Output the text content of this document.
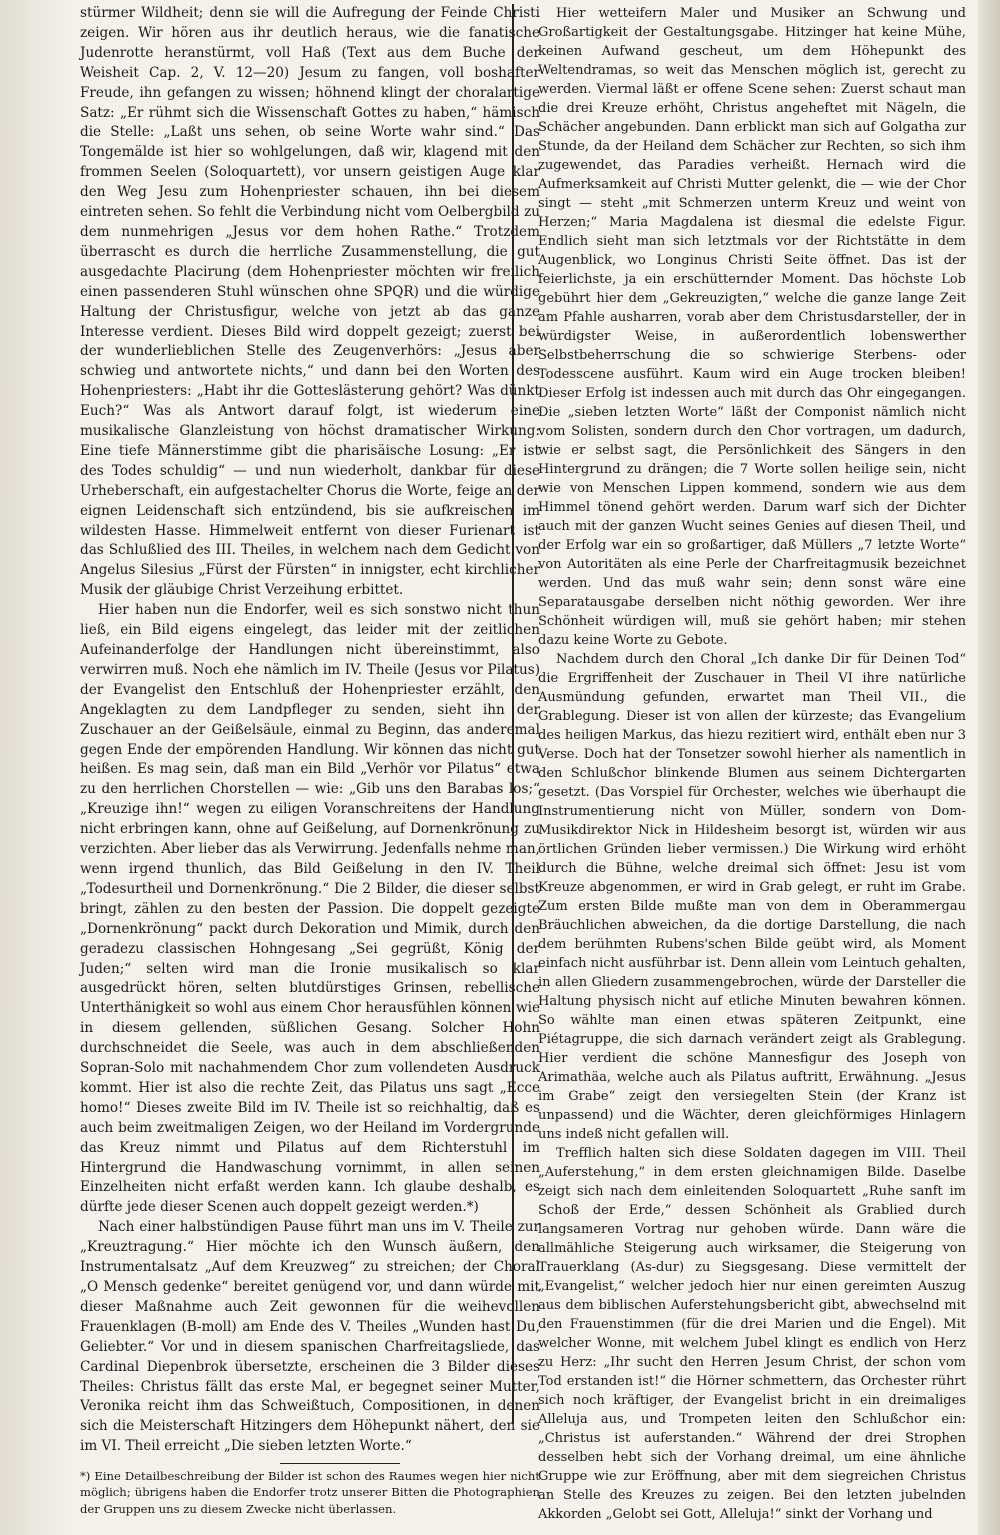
stürmer Wildheit; denn sie will die Aufregung der Feinde Christi zeigen. Wir hören aus ihr deutlich heraus, wie die fanatische Judenrotte heranstürmt, voll Haß (Text aus dem Buche der Weisheit Cap. 2, V. 12—20) Jesum zu fangen, voll boshafter Freude, ihn gefangen zu wissen; höhnend klingt der choralartige Satz: „Er rühmt sich die Wissenschaft Gottes zu haben,“ hämisch die Stelle: „Laßt uns sehen, ob seine Worte wahr sind.“ Das Tongemälde ist hier so wohlgelungen, daß wir, klagend mit den frommen Seelen (Soloquartett), vor unsern geistigen Auge klar den Weg Jesu zum Hohenpriester schauen, ihn bei diesem eintreten sehen. So fehlt die Verbindung nicht vom Oelbergbild zu dem nunmehrigen „Jesus vor dem hohen Rathe.“ Trotzdem überrascht es durch die herrliche Zusammenstellung, die gut ausgedachte Placirung (dem Hohenpriester möchten wir freilich einen passenderen Stuhl wünschen ohne SPQR) und die würdige Haltung der Christusfigur, welche von jetzt ab das ganze Interesse verdient. Dieses Bild wird doppelt gezeigt; zuerst bei der wunderlieblichen Stelle des Zeugenverhörs: „Jesus aber schwieg und antwortete nichts,“ und dann bei den Worten des Hohenpriesters: „Habt ihr die Gotteslästerung gehört? Was dünkt Euch?“ Was als Antwort darauf folgt, ist wiederum eine musikalische Glanzleistung von höchst dramatischer Wirkung: Eine tiefe Männerstimme gibt die pharisäische Losung: „Er ist des Todes schuldig“ — und nun wiederholt, dankbar für diese Urheberschaft, ein aufgestachelter Chorus die Worte, feige an der eignen Leidenschaft sich entzündend, bis sie aufkreischen im wildesten Hasse. Himmelweit entfernt von dieser Furienart ist das Schlußlied des III. Theiles, in welchem nach dem Gedicht von Angelus Silesius „Fürst der Fürsten“ in innigster, echt kirchlicher Musik der gläubige Christ Verzeihung erbittet.

Hier haben nun die Endorfer, weil es sich sonstwo nicht thun ließ, ein Bild eigens eingelegt, das leider mit der zeitlichen Aufeinanderfolge der Handlungen nicht übereinstimmt, also verwirren muß. Noch ehe nämlich im IV. Theile (Jesus vor Pilatus) der Evangelist den Entschluß der Hohenpriester erzählt, den Angeklagten zu dem Landpfleger zu senden, sieht ihn der Zuschauer an der Geißelsäule, einmal zu Beginn, das anderemal gegen Ende der empörenden Handlung. Wir können das nicht gut heißen. Es mag sein, daß man ein Bild „Verhör vor Pilatus“ etwa zu den herrlichen Chorstellen — wie: „Gib uns den Barabas los;“ „Kreuzige ihn!“ wegen zu eiligen Voranschreitens der Handlung nicht erbringen kann, ohne auf Geißelung, auf Dornenkrönung zu verzichten. Aber lieber das als Verwirrung. Jedenfalls nehme man, wenn irgend thunlich, das Bild Geißelung in den IV. Theil „Todesurtheil und Dornenkrönung.“ Die 2 Bilder, die dieser selbst bringt, zählen zu den besten der Passion. Die doppelt gezeigte „Dornenkrönung“ packt durch Dekoration und Mimik, durch den geradezu classischen Hohngesang „Sei gegrüßt, König der Juden;“ selten wird man die Ironie musikalisch so klar ausgedrückt hören, selten blutdürstiges Grinsen, rebellische Unterthänigkeit so wohl aus einem Chor herausfühlen können wie in diesem gellenden, süßlichen Gesang. Solcher Hohn durchschneidet die Seele, was auch in dem abschließenden Sopran-Solo mit nachahmendem Chor zum vollendeten Ausdruck kommt. Hier ist also die rechte Zeit, das Pilatus uns sagt „Ecce homo!“ Dieses zweite Bild im IV. Theile ist so reichhaltig, daß es auch beim zweitmaligen Zeigen, wo der Heiland im Vordergrunde das Kreuz nimmt und Pilatus auf dem Richterstuhl im Hintergrund die Handwaschung vornimmt, in allen seinen Einzelheiten nicht erfaßt werden kann. Ich glaube deshalb, es dürfte jede dieser Scenen auch doppelt gezeigt werden.*)

Nach einer halbstündigen Pause führt man uns im V. Theile zur „Kreuztragung.“ Hier möchte ich den Wunsch äußern, den Instrumentalsatz „Auf dem Kreuzweg“ zu streichen; der Choral „O Mensch gedenke“ bereitet genügend vor, und dann würde mit dieser Maßnahme auch Zeit gewonnen für die weihevollen Frauenklagen (B-moll) am Ende des V. Theiles „Wunden hast Du, Geliebter.“ Vor und in diesem spanischen Charfreitagsliede, das Cardinal Diepenbrok übersetzte, erscheinen die 3 Bilder dieses Theiles: Christus fällt das erste Mal, er begegnet seiner Mutter, Veronika reicht ihm das Schweißtuch, Compositionen, in denen sich die Meisterschaft Hitzingers dem Höhepunkt nähert, den sie im VI. Theil erreicht „Die sieben letzten Worte.“

*) Eine Detailbeschreibung der Bilder ist schon des Raumes wegen hier nicht möglich; übrigens haben die Endorfer trotz unserer Bitten die Photographien der Gruppen uns zu diesem Zwecke nicht überlassen.

Hier wetteifern Maler und Musiker an Schwung und Großartigkeit der Gestaltungsgabe. Hitzinger hat keine Mühe, keinen Aufwand gescheut, um dem Höhepunkt des Weltendramas, so weit das Menschen möglich ist, gerecht zu werden. Viermal läßt er offene Scene sehen: Zuerst schaut man die drei Kreuze erhöht, Christus angeheftet mit Nägeln, die Schächer angebunden. Dann erblickt man sich auf Golgatha zur Stunde, da der Heiland dem Schächer zur Rechten, so sich ihm zugewendet, das Paradies verheißt. Hernach wird die Aufmerksamkeit auf Christi Mutter gelenkt, die — wie der Chor singt — steht „mit Schmerzen unterm Kreuz und weint von Herzen;“ Maria Magdalena ist diesmal die edelste Figur. Endlich sieht man sich letztmals vor der Richtstätte in dem Augenblick, wo Longinus Christi Seite öffnet. Das ist der feierlichste, ja ein erschütternder Moment. Das höchste Lob gebührt hier dem „Gekreuzigten,“ welche die ganze lange Zeit am Pfahle ausharren, vorab aber dem Christusdarsteller, der in würdigster Weise, in außerordentlich lobenswerther Selbstbeherrschung die so schwierige Sterbens- oder Todesscene ausführt. Kaum wird ein Auge trocken bleiben! Dieser Erfolg ist indessen auch mit durch das Ohr eingegangen. Die „sieben letzten Worte“ läßt der Componist nämlich nicht vom Solisten, sondern durch den Chor vortragen, um dadurch, wie er selbst sagt, die Persönlichkeit des Sängers in den Hintergrund zu drängen; die 7 Worte sollen heilige sein, nicht wie von Menschen Lippen kommend, sondern wie aus dem Himmel tönend gehört werden. Darum warf sich der Dichter auch mit der ganzen Wucht seines Genies auf diesen Theil, und der Erfolg war ein so großartiger, daß Müllers „7 letzte Worte“ von Autoritäten als eine Perle der Charfreitagmusik bezeichnet werden. Und das muß wahr sein; denn sonst wäre eine Separatausgabe derselben nicht nöthig geworden. Wer ihre Schönheit würdigen will, muß sie gehört haben; mir stehen dazu keine Worte zu Gebote.

Nachdem durch den Choral „Ich danke Dir für Deinen Tod“ die Ergriffenheit der Zuschauer in Theil VI ihre natürliche Ausmündung gefunden, erwartet man Theil VII., die Grablegung. Dieser ist von allen der kürzeste; das Evangelium des heiligen Markus, das hiezu rezitiert wird, enthält eben nur 3 Verse. Doch hat der Tonsetzer sowohl hierher als namentlich in den Schlußchor blinkende Blumen aus seinem Dichtergarten gesetzt. (Das Vorspiel für Orchester, welches wie überhaupt die Instrumentierung nicht von Müller, sondern von Dom-Musikdirektor Nick in Hildesheim besorgt ist, würden wir aus örtlichen Gründen lieber vermissen.) Die Wirkung wird erhöht durch die Bühne, welche dreimal sich öffnet: Jesu ist vom Kreuze abgenommen, er wird in Grab gelegt, er ruht im Grabe. Zum ersten Bilde mußte man von dem in Oberammergau Bräuchlichen abweichen, da die dortige Darstellung, die nach dem berühmten Rubens'schen Bilde geübt wird, als Moment einfach nicht ausführbar ist. Denn allein vom Leintuch gehalten, in allen Gliedern zusammengebrochen, würde der Darsteller die Haltung physisch nicht auf etliche Minuten bewahren können. So wählte man einen etwas späteren Zeitpunkt, eine Piétagruppe, die sich darnach verändert zeigt als Grablegung. Hier verdient die schöne Mannesfigur des Joseph von Arimathäa, welche auch als Pilatus auftritt, Erwähnung. „Jesus im Grabe“ zeigt den versiegelten Stein (der Kranz ist unpassend) und die Wächter, deren gleichförmiges Hinlagern uns indeß nicht gefallen will.

Trefflich halten sich diese Soldaten dagegen im VIII. Theil „Auferstehung,“ in dem ersten gleichnamigen Bilde. Daselbe zeigt sich nach dem einleitenden Soloquartett „Ruhe sanft im Schoß der Erde,“ dessen Schönheit als Grablied durch langsameren Vortrag nur gehoben würde. Dann wäre die allmähliche Steigerung auch wirksamer, die Steigerung von Trauerklang (As-dur) zu Siegsgesang. Diese vermittelt der „Evangelist,“ welcher jedoch hier nur einen gereimten Auszug aus dem biblischen Auferstehungsbericht gibt, abwechselnd mit den Frauenstimmen (für die drei Marien und die Engel). Mit welcher Wonne, mit welchem Jubel klingt es endlich von Herz zu Herz: „Ihr sucht den Herren Jesum Christ, der schon vom Tod erstanden ist!“ die Hörner schmettern, das Orchester rührt sich noch kräftiger, der Evangelist bricht in ein dreimaliges Alleluja aus, und Trompeten leiten den Schlußchor ein: „Christus ist auferstanden.“ Während der drei Strophen desselben hebt sich der Vorhang dreimal, um eine ähnliche Gruppe wie zur Eröffnung, aber mit dem siegreichen Christus an Stelle des Kreuzes zu zeigen. Bei den letzten jubelnden Akkorden „Gelobt sei Gott, Alleluja!“ sinkt der Vorhang und
